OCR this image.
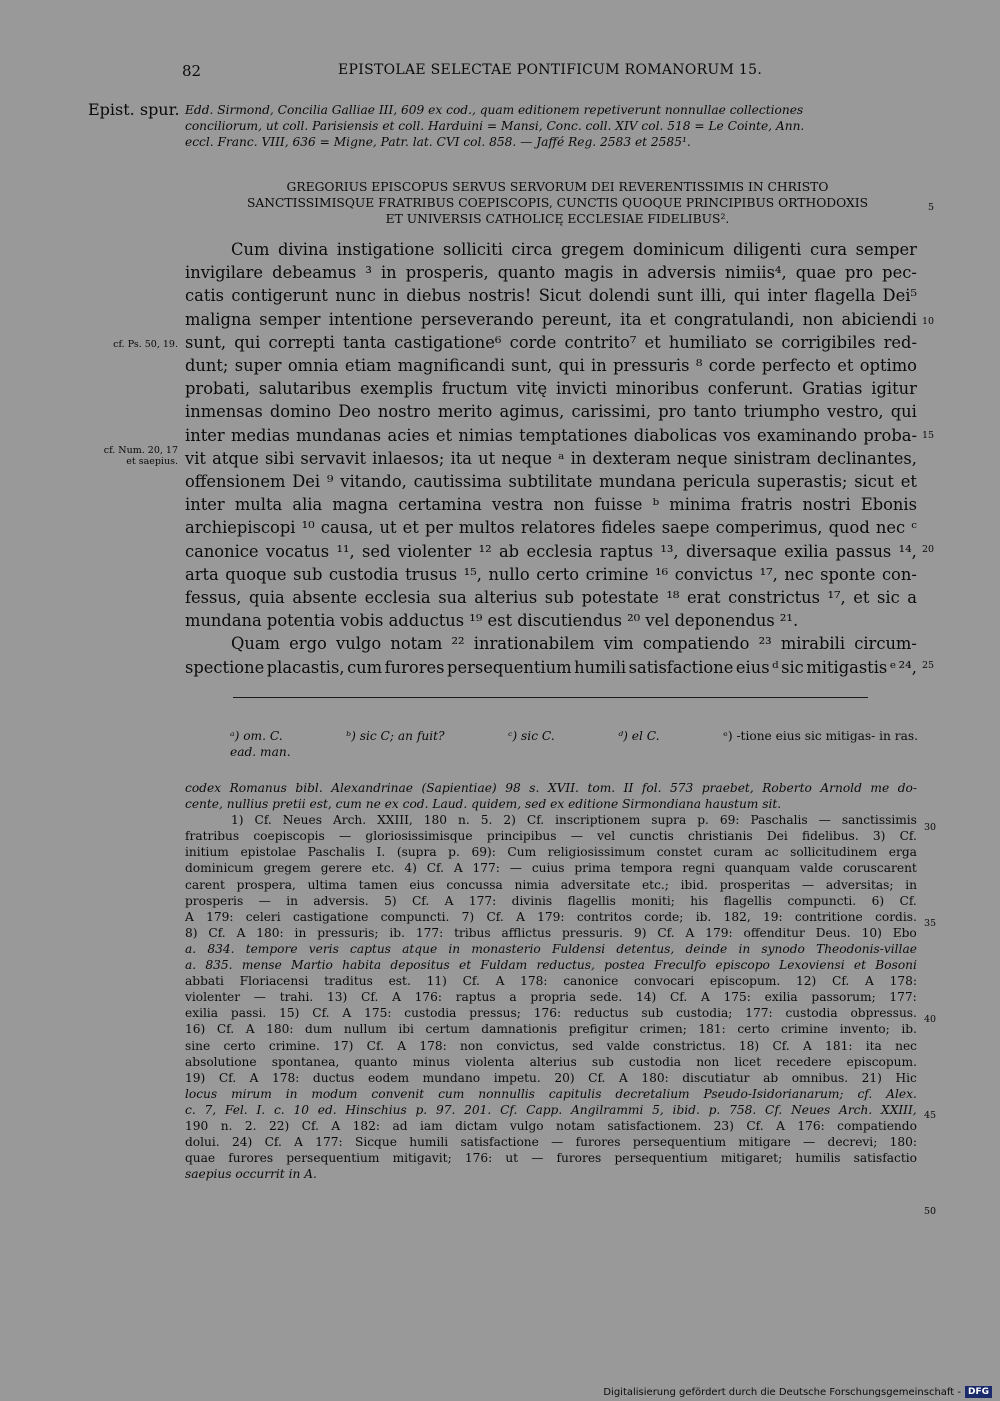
82	EPISTOLAE SELECTAE PONTIFICUM ROMANORUM 15.
Epist. spur. Edd. Sirmond, Concilia Galliae III, 609 ex cod., quam editionem repetiverunt nonnullae collectiones
conciliorum, ut coll. Parisiensis et coll. Harduini = Mansi, Conc. coll. XIV col. 518 = Le Cointe, Ann.
eccl. Franc. VIII, 636 = Migne, Patr. lat. CVI col. 858. — Jaffé Reg. 2583 et 2585¹.
GREGORIUS EPISCOPUS SERVUS SERVORUM DEI REVERENTISSIMIS IN CHRISTO
SANCTISSIMISQUE FRATRIBUS COEPISCOPIS, CUNCTIS QUOQUE PRINCIPIBUS ORTHODOXIS
ET UNIVERSIS CATHOLICĘ ECCLESIAE FIDELIBUS².
Cum divina instigatione solliciti circa gregem dominicum diligenti cura semper
invigilare debeamus ³ in prosperis, quanto magis in adversis nimiis⁴, quae pro pec-
catis contigerunt nunc in diebus nostris! Sicut dolendi sunt illi, qui inter flagella Dei⁵
maligna semper intentione perseverando pereunt, ita et congratulandi, non abiciendi
sunt, qui correpti tanta castigatione⁶ corde contrito⁷ et humiliato se corrigibiles red-
dunt; super omnia etiam magnificandi sunt, qui in pressuris ⁸ corde perfecto et optimo
probati, salutaribus exemplis fructum vitę invicti minoribus conferunt. Gratias igitur
inmensas domino Deo nostro merito agimus, carissimi, pro tanto triumpho vestro, qui
inter medias mundanas acies et nimias temptationes diabolicas vos examinando proba-
vit atque sibi servavit inlaesos; ita ut neque ᵃ in dexteram neque sinistram declinantes,
offensionem Dei ⁹ vitando, cautissima subtilitate mundana pericula superastis; sicut et
inter multa alia magna certamina vestra non fuisse ᵇ minima fratris nostri Ebonis
archiepiscopi ¹⁰ causa, ut et per multos relatores fideles saepe comperimus, quod nec ᶜ
canonice vocatus ¹¹, sed violenter ¹² ab ecclesia raptus ¹³, diversaque exilia passus ¹⁴,
arta quoque sub custodia trusus ¹⁵, nullo certo crimine ¹⁶ convictus ¹⁷, nec sponte con-
fessus, quia absente ecclesia sua alterius sub potestate ¹⁸ erat constrictus ¹⁷, et sic a
mundana potentia vobis adductus ¹⁹ est discutiendus ²⁰ vel deponendus ²¹.
Quam ergo vulgo notam ²² inrationabilem vim compatiendo ²³ mirabili circum-
spectione placastis, cum furores persequentium humili satisfactione eius ᵈ sic mitigastis ᵉ ²⁴,
cf. Ps. 50, 19.
cf. Num. 20, 17
et saepius.
5
10
15
20
25
30
35
40
45
50
ᵃ) om. C.	ᵇ) sic C; an fuit?	ᶜ) sic C.	ᵈ) el C.	ᵉ) -tione eius sic mitigas- in ras.
ead. man.
codex Romanus bibl. Alexandrinae (Sapientiae) 98 s. XVII. tom. II fol. 573 praebet, Roberto Arnold me do-
cente, nullius pretii est, cum ne ex cod. Laud. quidem, sed ex editione Sirmondiana haustum sit.
1) Cf. Neues Arch. XXIII, 180 n. 5. 2) Cf. inscriptionem supra p. 69: Paschalis — sanctissimis
fratribus coepiscopis — gloriosissimisque principibus — vel cunctis christianis Dei fidelibus. 3) Cf.
initium epistolae Paschalis I. (supra p. 69): Cum religiosissimum constet curam ac sollicitudinem erga
dominicum gregem gerere etc. 4) Cf. A 177: — cuius prima tempora regni quanquam valde coruscarent
carent prospera, ultima tamen eius concussa nimia adversitate etc.; ibid. prosperitas — adversitas; in
prosperis — in adversis. 5) Cf. A 177: divinis flagellis moniti; his flagellis compuncti. 6) Cf.
A 179: celeri castigatione compuncti. 7) Cf. A 179: contritos corde; ib. 182, 19: contritione cordis.
8) Cf. A 180: in pressuris; ib. 177: tribus afflictus pressuris. 9) Cf. A 179: offenditur Deus. 10) Ebo
a. 834. tempore veris captus atque in monasterio Fuldensi detentus, deinde in synodo Theodonis-villae
a. 835. mense Martio habita depositus et Fuldam reductus, postea Freculfo episcopo Lexoviensi et Bosoni
abbati Floriacensi traditus est. 11) Cf. A 178: canonice convocari episcopum. 12) Cf. A 178:
violenter — trahi. 13) Cf. A 176: raptus a propria sede. 14) Cf. A 175: exilia passorum; 177:
exilia passi. 15) Cf. A 175: custodia pressus; 176: reductus sub custodia; 177: custodia obpressus.
16) Cf. A 180: dum nullum ibi certum damnationis prefigitur crimen; 181: certo crimine invento; ib.
sine certo crimine. 17) Cf. A 178: non convictus, sed valde constrictus. 18) Cf. A 181: ita nec
absolutione spontanea, quanto minus violenta alterius sub custodia non licet recedere episcopum.
19) Cf. A 178: ductus eodem mundano impetu. 20) Cf. A 180: discutiatur ab omnibus. 21) Hic
locus mirum in modum convenit cum nonnullis capitulis decretalium Pseudo-Isidorianarum; cf. Alex.
c. 7, Fel. I. c. 10 ed. Hinschius p. 97. 201. Cf. Capp. Angilrammi 5, ibid. p. 758. Cf. Neues Arch. XXIII,
190 n. 2. 22) Cf. A 182: ad iam dictam vulgo notam satisfactionem. 23) Cf. A 176: compatiendo
dolui. 24) Cf. A 177: Sicque humili satisfactione — furores persequentium mitigare — decrevi; 180:
quae furores persequentium mitigavit; 176: ut — furores persequentium mitigaret; humilis satisfactio
saepius occurrit in A.
Digitalisierung gefördert durch die Deutsche Forschungsgemeinschaft - DFG
